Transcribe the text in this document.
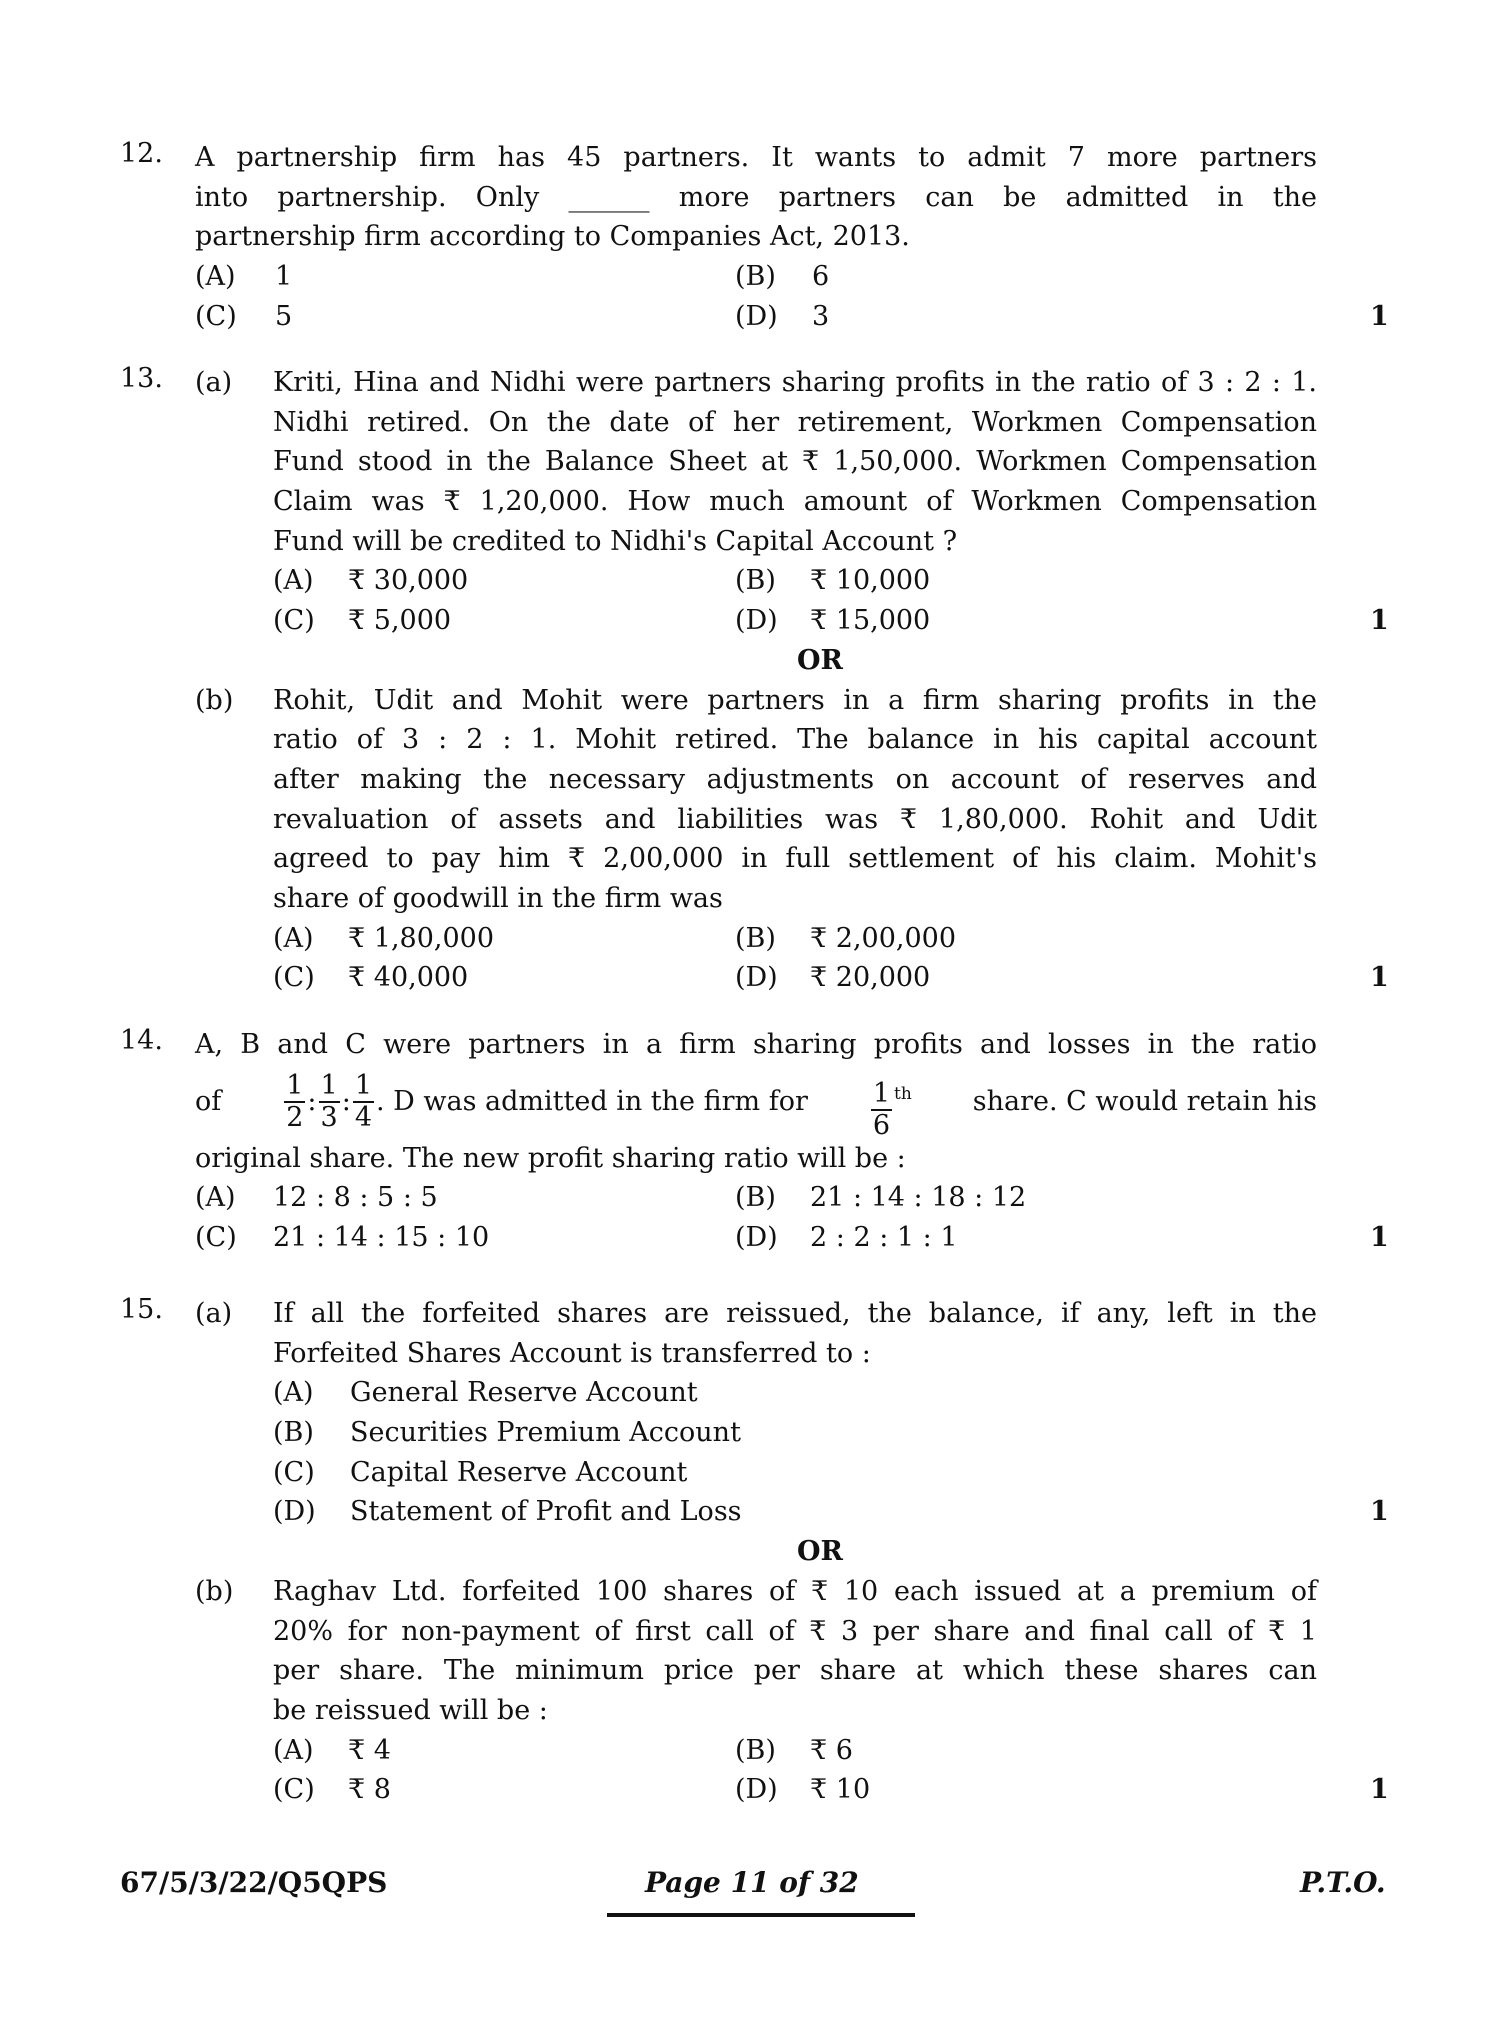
12.	A partnership firm has 45 partners. It wants to admit 7 more partners
into partnership. Only ______ more partners can be admitted in the
partnership firm according to Companies Act, 2013.
(A) 1	(B) 6
(C) 5	(D) 3	1
13.	(a) Kriti, Hina and Nidhi were partners sharing profits in the ratio of 3 : 2 : 1.
Nidhi retired. On the date of her retirement, Workmen Compensation
Fund stood in the Balance Sheet at ₹ 1,50,000. Workmen Compensation
Claim was ₹ 1,20,000. How much amount of Workmen Compensation
Fund will be credited to Nidhi's Capital Account ?
(A) ₹ 30,000	(B) ₹ 10,000
(C) ₹ 5,000	(D) ₹ 15,000	1
OR
(b) Rohit, Udit and Mohit were partners in a firm sharing profits in the
ratio of 3 : 2 : 1. Mohit retired. The balance in his capital account
after making the necessary adjustments on account of reserves and
revaluation of assets and liabilities was ₹ 1,80,000. Rohit and Udit
agreed to pay him ₹ 2,00,000 in full settlement of his claim. Mohit's
share of goodwill in the firm was
(A) ₹ 1,80,000	(B) ₹ 2,00,000
(C) ₹ 40,000	(D) ₹ 20,000	1
14.	A, B and C were partners in a firm sharing profits and losses in the ratio
of $\frac{1}{2}$ : $\frac{1}{3}$ : $\frac{1}{4}$ . D was admitted in the firm for $\frac{1}{6} ^{th}$ share. C would retain his
original share. The new profit sharing ratio will be :
(A) 12 : 8 : 5 : 5	(B) 21 : 14 : 18 : 12
(C) 21 : 14 : 15 : 10	(D) 2 : 2 : 1 : 1	1
15.	(a) If all the forfeited shares are reissued, the balance, if any, left in the
Forfeited Shares Account is transferred to :
(A) General Reserve Account
(B) Securities Premium Account
(C) Capital Reserve Account
(D) Statement of Profit and Loss	1
OR
(b) Raghav Ltd. forfeited 100 shares of ₹ 10 each issued at a premium of
20% for non-payment of first call of ₹ 3 per share and final call of ₹ 1
per share. The minimum price per share at which these shares can
be reissued will be :
(A) ₹ 4	(B) ₹ 6
(C) ₹ 8	(D) ₹ 10	1
67/5/3/22/Q5QPS	Page 11 of 32	P.T.O.
